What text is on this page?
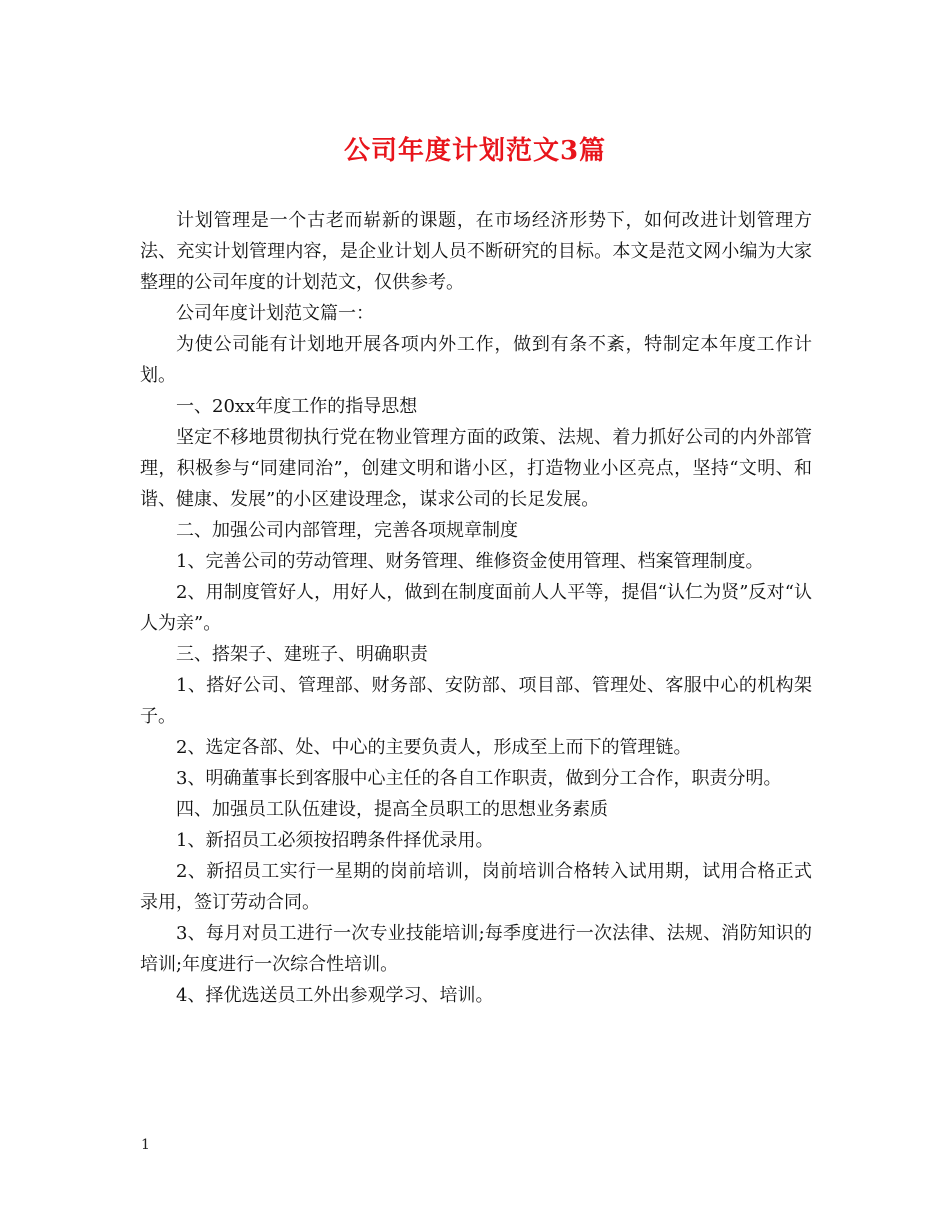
公司年度计划范文3篇

计划管理是一个古老而崭新的课题，在市场经济形势下，如何改进计划管理方法、充实计划管理内容，是企业计划人员不断研究的目标。本文是范文网小编为大家整理的公司年度的计划范文，仅供参考。

公司年度计划范文篇一：

为使公司能有计划地开展各项内外工作，做到有条不紊，特制定本年度工作计划。

一、20xx年度工作的指导思想

坚定不移地贯彻执行党在物业管理方面的政策、法规、着力抓好公司的内外部管理，积极参与“同建同治”，创建文明和谐小区，打造物业小区亮点，坚持“文明、和谐、健康、发展”的小区建设理念，谋求公司的长足发展。

二、加强公司内部管理，完善各项规章制度

1、完善公司的劳动管理、财务管理、维修资金使用管理、档案管理制度。

2、用制度管好人，用好人，做到在制度面前人人平等，提倡“认仁为贤”反对“认人为亲”。

三、搭架子、建班子、明确职责

1、搭好公司、管理部、财务部、安防部、项目部、管理处、客服中心的机构架子。

2、选定各部、处、中心的主要负责人，形成至上而下的管理链。

3、明确董事长到客服中心主任的各自工作职责，做到分工合作，职责分明。

四、加强员工队伍建设，提高全员职工的思想业务素质

1、新招员工必须按招聘条件择优录用。

2、新招员工实行一星期的岗前培训，岗前培训合格转入试用期，试用合格正式录用，签订劳动合同。

3、每月对员工进行一次专业技能培训;每季度进行一次法律、法规、消防知识的培训;年度进行一次综合性培训。

4、择优选送员工外出参观学习、培训。

1
